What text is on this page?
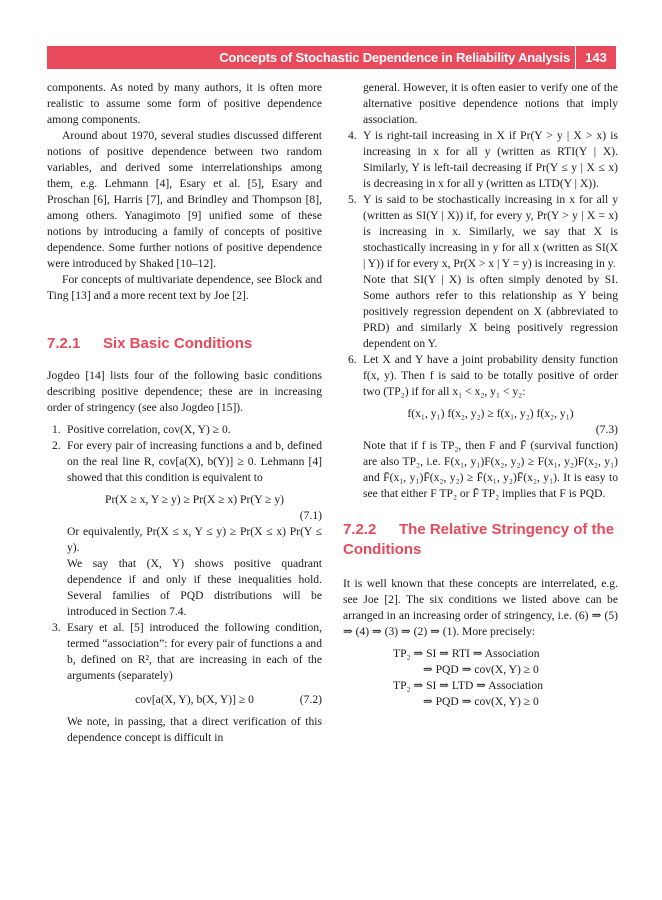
Concepts of Stochastic Dependence in Reliability Analysis	143

components. As noted by many authors, it is often more realistic to assume some form of positive dependence among components.

Around about 1970, several studies discussed different notions of positive dependence between two random variables, and derived some interrelationships among them, e.g. Lehmann [4], Esary et al. [5], Esary and Proschan [6], Harris [7], and Brindley and Thompson [8], among others. Yanagimoto [9] unified some of these notions by introducing a family of concepts of positive dependence. Some further notions of positive dependence were introduced by Shaked [10–12].

For concepts of multivariate dependence, see Block and Ting [13] and a more recent text by Joe [2].

7.2.1 Six Basic Conditions

Jogdeo [14] lists four of the following basic conditions describing positive dependence; these are in increasing order of stringency (see also Jogdeo [15]).

1. Positive correlation, cov(X, Y) ≥ 0.

2. For every pair of increasing functions a and b, defined on the real line R, cov[a(X), b(Y)] ≥ 0. Lehmann [4] showed that this condition is equivalent to

Pr(X ≥ x, Y ≥ y) ≥ Pr(X ≥ x) Pr(Y ≥ y)
(7.1)

Or equivalently, Pr(X ≤ x, Y ≤ y) ≥ Pr(X ≤ x) Pr(Y ≤ y).

We say that (X, Y) shows positive quadrant dependence if and only if these inequalities hold. Several families of PQD distributions will be introduced in Section 7.4.

3. Esary et al. [5] introduced the following condition, termed “association”: for every pair of functions a and b, defined on R², that are increasing in each of the arguments (separately)

cov[a(X, Y), b(X, Y)] ≥ 0	(7.2)

We note, in passing, that a direct verification of this dependence concept is difficult in

general. However, it is often easier to verify one of the alternative positive dependence notions that imply association.

4. Y is right-tail increasing in X if Pr(Y > y | X > x) is increasing in x for all y (written as RTI(Y | X). Similarly, Y is left-tail decreasing if Pr(Y ≤ y | X ≤ x) is decreasing in x for all y (written as LTD(Y | X)).

5. Y is said to be stochastically increasing in x for all y (written as SI(Y | X)) if, for every y, Pr(Y > y | X = x) is increasing in x. Similarly, we say that X is stochastically increasing in y for all x (written as SI(X | Y)) if for every x, Pr(X > x | Y = y) is increasing in y.

Note that SI(Y | X) is often simply denoted by SI. Some authors refer to this relationship as Y being positively regression dependent on X (abbreviated to PRD) and similarly X being positively regression dependent on Y.

6. Let X and Y have a joint probability density function f(x, y). Then f is said to be totally positive of order two (TP₂) if for all x₁ < x₂, y₁ < y₂:

f(x₁, y₁) f(x₂, y₂) ≥ f(x₁, y₂) f(x₂, y₁)
(7.3)

Note that if f is TP₂, then F and F̄ (survival function) are also TP₂, i.e. F(x₁, y₁)F(x₂, y₂) ≥ F(x₁, y₂)F(x₂, y₁) and F̄(x₁, y₁)F̄(x₂, y₂) ≥ F̄(x₁, y₂)F̄(x₂, y₁). It is easy to see that either F TP₂ or F̄ TP₂ implies that F is PQD.

7.2.2 The Relative Stringency of the Conditions

It is well known that these concepts are interrelated, e.g. see Joe [2]. The six conditions we listed above can be arranged in an increasing order of stringency, i.e. (6) ⇒ (5) ⇒ (4) ⇒ (3) ⇒ (2) ⇒ (1). More precisely:

TP₂ ⇒ SI ⇒ RTI ⇒ Association
⇒ PQD ⇒ cov(X, Y) ≥ 0
TP₂ ⇒ SI ⇒ LTD ⇒ Association
⇒ PQD ⇒ cov(X, Y) ≥ 0
